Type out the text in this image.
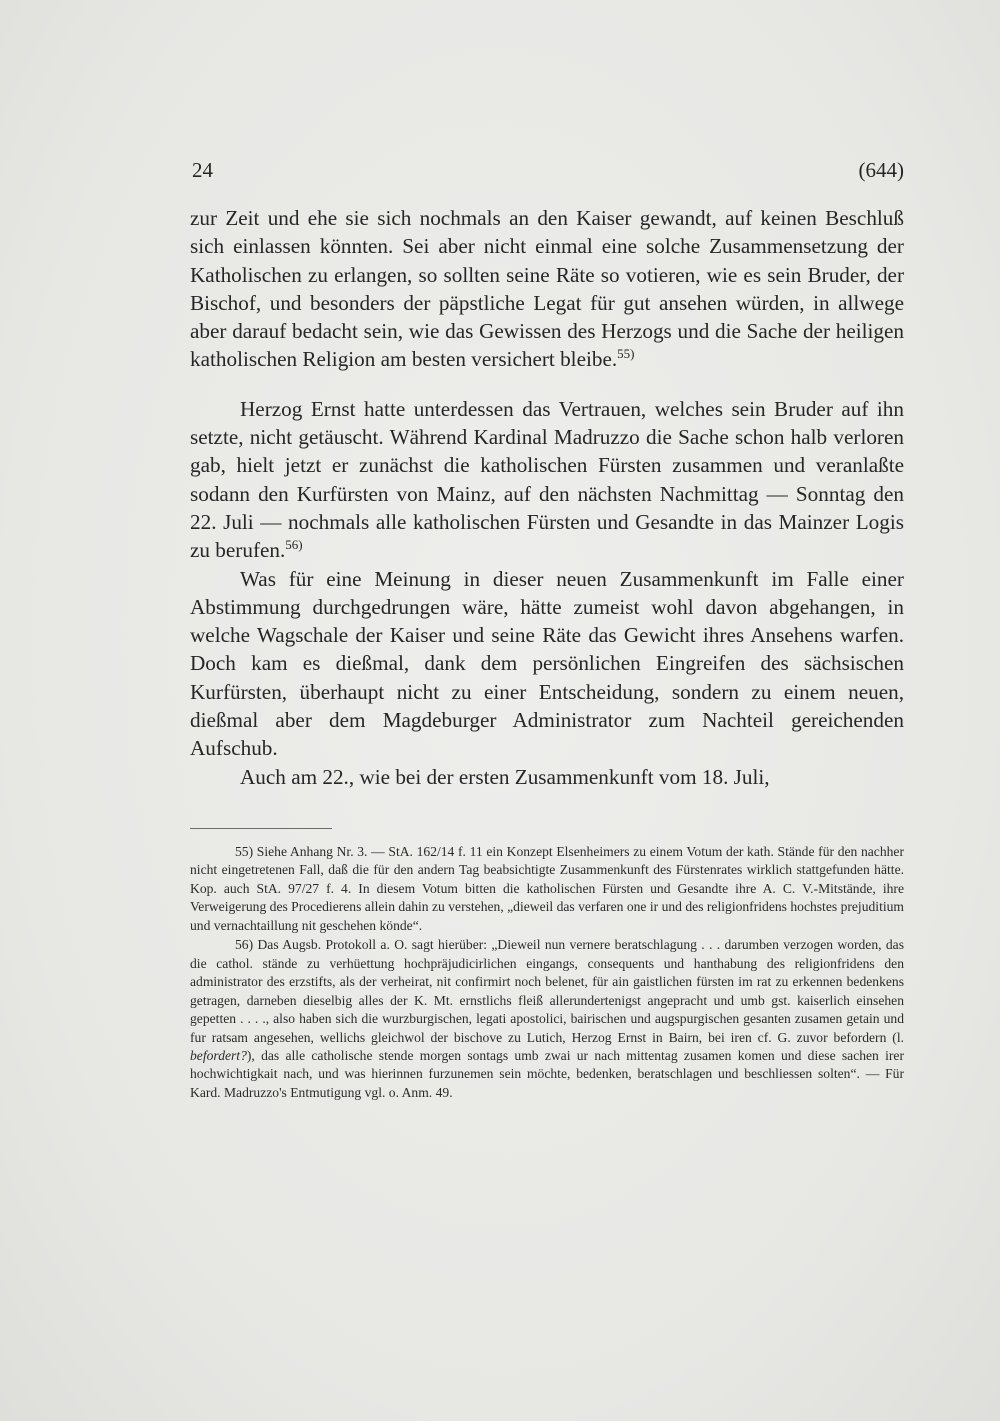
24	(644)

zur Zeit und ehe sie sich nochmals an den Kaiser gewandt, auf keinen Beschluß sich einlassen könnten. Sei aber nicht einmal eine solche Zusammensetzung der Katholischen zu erlangen, so sollten seine Räte so votieren, wie es sein Bruder, der Bischof, und besonders der päpstliche Legat für gut ansehen würden, in allwege aber darauf bedacht sein, wie das Gewissen des Herzogs und die Sache der heiligen katholischen Religion am besten versichert bleibe.$^{55)}$

Herzog Ernst hatte unterdessen das Vertrauen, welches sein Bruder auf ihn setzte, nicht getäuscht. Während Kardinal Madruzzo die Sache schon halb verloren gab, hielt jetzt er zunächst die katholischen Fürsten zusammen und veranlaßte sodann den Kurfürsten von Mainz, auf den nächsten Nachmittag — Sonntag den 22. Juli — nochmals alle katholischen Fürsten und Gesandte in das Mainzer Logis zu berufen.$^{56)}$

Was für eine Meinung in dieser neuen Zusammenkunft im Falle einer Abstimmung durchgedrungen wäre, hätte zumeist wohl davon abgehangen, in welche Wagschale der Kaiser und seine Räte das Gewicht ihres Ansehens warfen. Doch kam es dießmal, dank dem persönlichen Eingreifen des sächsischen Kurfürsten, überhaupt nicht zu einer Entscheidung, sondern zu einem neuen, dießmal aber dem Magdeburger Administrator zum Nachteil gereichenden Aufschub.

Auch am 22., wie bei der ersten Zusammenkunft vom 18. Juli,

55) Siehe Anhang Nr. 3. — StA. 162/14 f. 11 ein Konzept Elsenheimers zu einem Votum der kath. Stände für den nachher nicht eingetretenen Fall, daß die für den andern Tag beabsichtigte Zusammenkunft des Fürstenrates wirklich stattgefunden hätte. Kop. auch StA. 97/27 f. 4. In diesem Votum bitten die katholischen Fürsten und Gesandte ihre A. C. V.-Mitstände, ihre Verweigerung des Procedierens allein dahin zu verstehen, „dieweil das verfaren one ir und des religionfridens hochstes prejuditium und vernachtaillung nit geschehen könde“.

56) Das Augsb. Protokoll a. O. sagt hierüber: „Dieweil nun vernere beratschlagung . . . darumben verzogen worden, das die cathol. stände zu verhüettung hochpräjudicirlichen eingangs, consequents und hanthabung des religionfridens den administrator des erzstifts, als der verheirat, nit confirmirt noch belenet, für ain gaistlichen fürsten im rat zu erkennen bedenkens getragen, darneben dieselbig alles der K. Mt. ernstlichs fleiß allerundertenigst angepracht und umb gst. kaiserlich einsehen gepetten . . . ., also haben sich die wurzburgischen, legati apostolici, bairischen und augspurgischen gesanten zusamen getain und fur ratsam angesehen, wellichs gleichwol der bischove zu Lutich, Herzog Ernst in Bairn, bei iren cf. G. zuvor befordern (l. befordert?), das alle catholische stende morgen sontags umb zwai ur nach mittentag zusamen komen und diese sachen irer hochwichtigkait nach, und was hierinnen furzunemen sein möchte, bedenken, beratschlagen und beschliessen solten“. — Für Kard. Madruzzo's Entmutigung vgl. o. Anm. 49.
